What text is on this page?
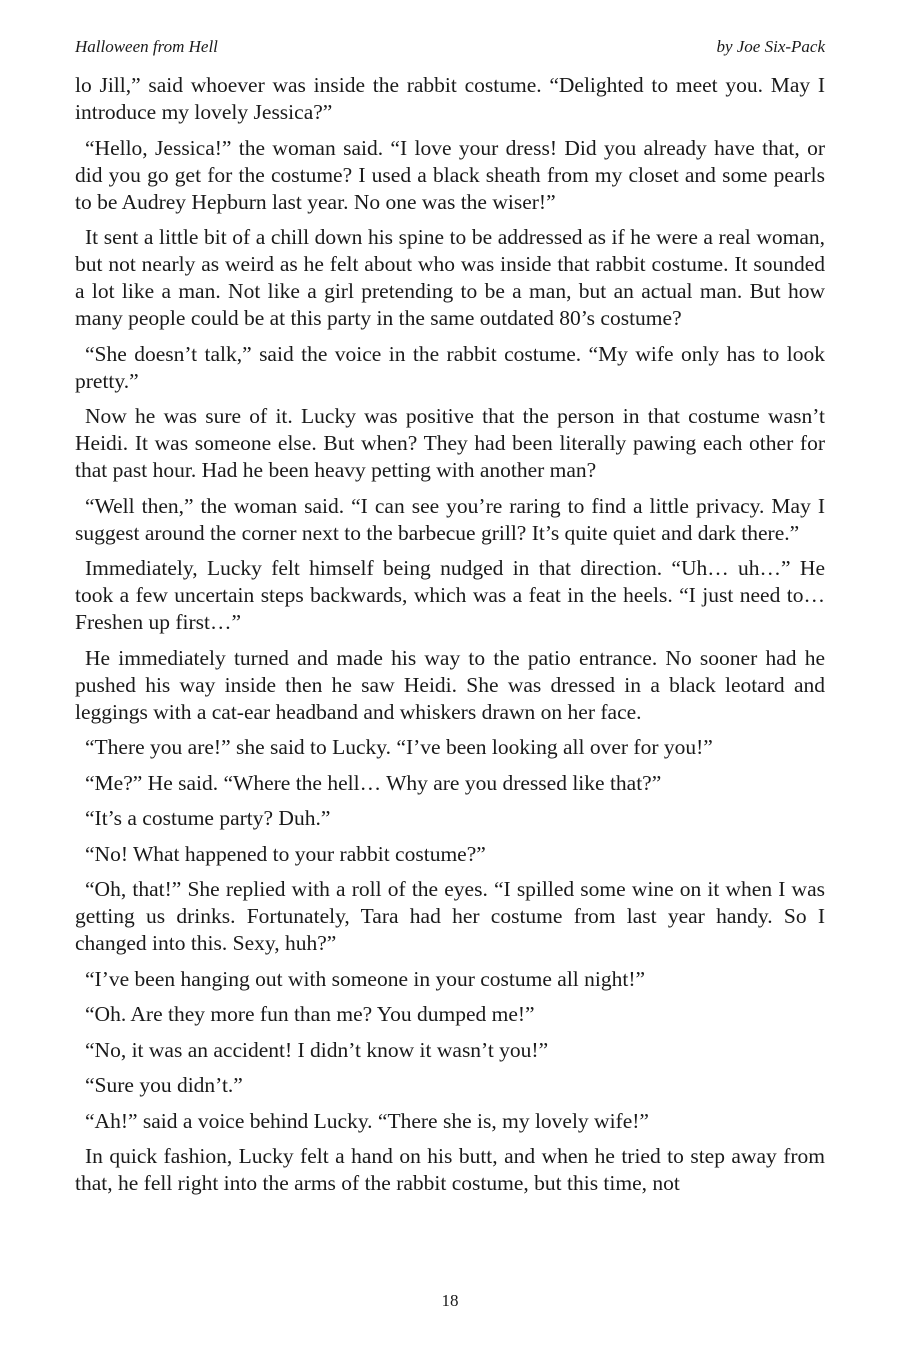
Halloween from Hell	by Joe Six-Pack

lo Jill,” said whoever was inside the rabbit costume. “Delighted to meet you. May I introduce my lovely Jessica?”

“Hello, Jessica!” the woman said. “I love your dress! Did you already have that, or did you go get for the costume? I used a black sheath from my closet and some pearls to be Audrey Hepburn last year. No one was the wiser!”

It sent a little bit of a chill down his spine to be addressed as if he were a real woman, but not nearly as weird as he felt about who was inside that rabbit costume. It sounded a lot like a man. Not like a girl pretending to be a man, but an actual man. But how many people could be at this party in the same outdated 80’s costume?

“She doesn’t talk,” said the voice in the rabbit costume. “My wife only has to look pretty.”

Now he was sure of it. Lucky was positive that the person in that costume wasn’t Heidi. It was someone else. But when? They had been literally pawing each other for that past hour. Had he been heavy petting with another man?

“Well then,” the woman said. “I can see you’re raring to find a little privacy. May I suggest around the corner next to the barbecue grill? It’s quite quiet and dark there.”

Immediately, Lucky felt himself being nudged in that direction. “Uh… uh…” He took a few uncertain steps backwards, which was a feat in the heels. “I just need to… Freshen up first…”

He immediately turned and made his way to the patio entrance. No sooner had he pushed his way inside then he saw Heidi. She was dressed in a black leotard and leggings with a cat-ear headband and whiskers drawn on her face.

“There you are!” she said to Lucky. “I’ve been looking all over for you!”

“Me?” He said. “Where the hell… Why are you dressed like that?”

“It’s a costume party? Duh.”

“No! What happened to your rabbit costume?”

“Oh, that!” She replied with a roll of the eyes. “I spilled some wine on it when I was getting us drinks. Fortunately, Tara had her costume from last year handy. So I changed into this. Sexy, huh?”

“I’ve been hanging out with someone in your costume all night!”

“Oh. Are they more fun than me? You dumped me!”

“No, it was an accident! I didn’t know it wasn’t you!”

“Sure you didn’t.”

“Ah!” said a voice behind Lucky. “There she is, my lovely wife!”

In quick fashion, Lucky felt a hand on his butt, and when he tried to step away from that, he fell right into the arms of the rabbit costume, but this time, not

18
